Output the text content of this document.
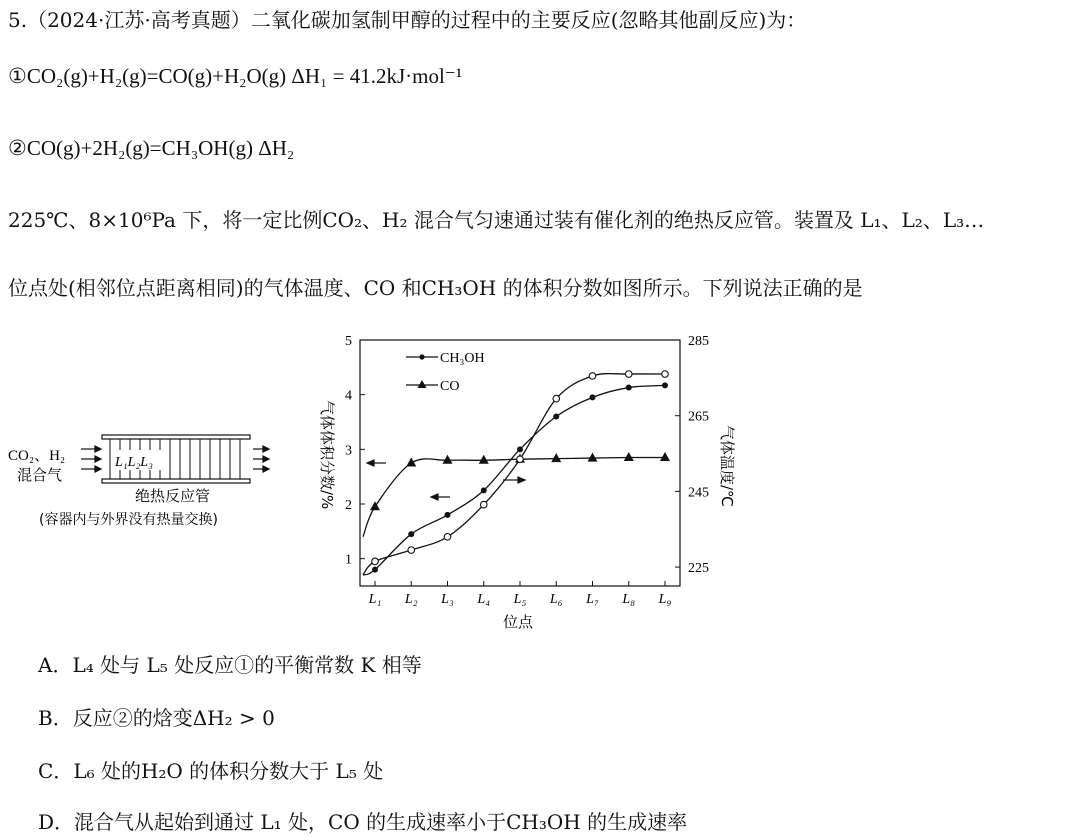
5.（2024·江苏·高考真题）二氧化碳加氢制甲醇的过程中的主要反应(忽略其他副反应)为：
①CO₂(g)+H₂(g)=CO(g)+H₂O(g) ΔH₁ = 41.2kJ·mol⁻¹
②CO(g)+2H₂(g)=CH₃OH(g) ΔH₂
225℃、8×10⁶Pa 下，将一定比例CO₂、H₂ 混合气匀速通过装有催化剂的绝热反应管。装置及 L₁、L₂、L₃…
位点处(相邻位点距离相同)的气体温度、CO 和CH₃OH 的体积分数如图所示。下列说法正确的是
CO₂、H₂
混合气
L₁L₂L₃
绝热反应管
(容器内与外界没有热量交换)
1
2
3
4
5
225
245
265
285
L₁ L₂ L₃ L₄ L₅ L₆ L₇ L₈ L₉
气体体积分数/%	气体温度/℃
位点
CH₃OH
CO
A．L₄ 处与 L₅ 处反应①的平衡常数 K 相等
B．反应②的焓变ΔH₂ > 0
C．L₆ 处的H₂O 的体积分数大于 L₅ 处
D．混合气从起始到通过 L₁ 处，CO 的生成速率小于CH₃OH 的生成速率
